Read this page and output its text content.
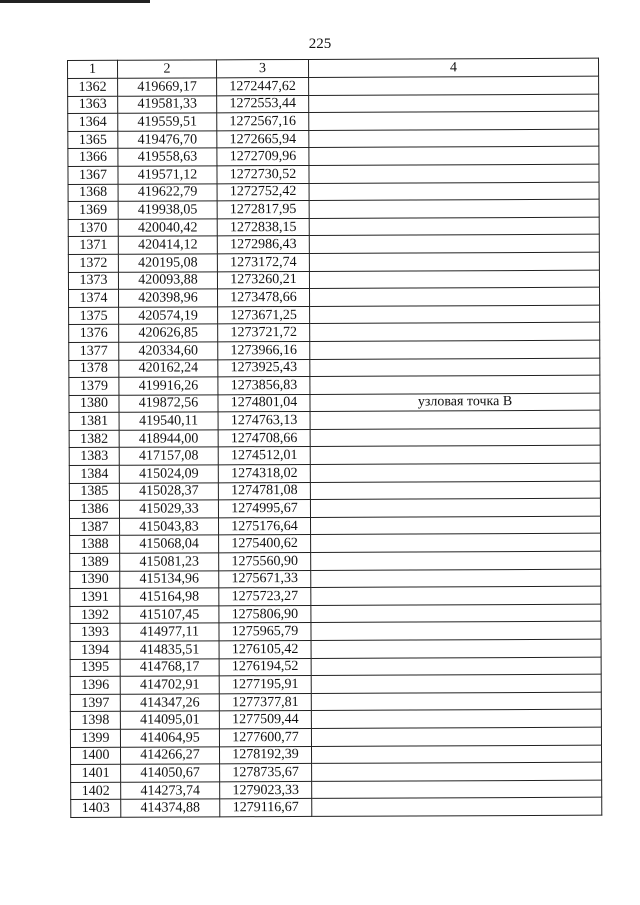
225
1	2	3	4
1362	419669,17	1272447,62	
1363	419581,33	1272553,44	
1364	419559,51	1272567,16	
1365	419476,70	1272665,94	
1366	419558,63	1272709,96	
1367	419571,12	1272730,52	
1368	419622,79	1272752,42	
1369	419938,05	1272817,95	
1370	420040,42	1272838,15	
1371	420414,12	1272986,43	
1372	420195,08	1273172,74	
1373	420093,88	1273260,21	
1374	420398,96	1273478,66	
1375	420574,19	1273671,25	
1376	420626,85	1273721,72	
1377	420334,60	1273966,16	
1378	420162,24	1273925,43	
1379	419916,26	1273856,83	
1380	419872,56	1274801,04	узловая точка В
1381	419540,11	1274763,13	
1382	418944,00	1274708,66	
1383	417157,08	1274512,01	
1384	415024,09	1274318,02	
1385	415028,37	1274781,08	
1386	415029,33	1274995,67	
1387	415043,83	1275176,64	
1388	415068,04	1275400,62	
1389	415081,23	1275560,90	
1390	415134,96	1275671,33	
1391	415164,98	1275723,27	
1392	415107,45	1275806,90	
1393	414977,11	1275965,79	
1394	414835,51	1276105,42	
1395	414768,17	1276194,52	
1396	414702,91	1277195,91	
1397	414347,26	1277377,81	
1398	414095,01	1277509,44	
1399	414064,95	1277600,77	
1400	414266,27	1278192,39	
1401	414050,67	1278735,67	
1402	414273,74	1279023,33	
1403	414374,88	1279116,67	
